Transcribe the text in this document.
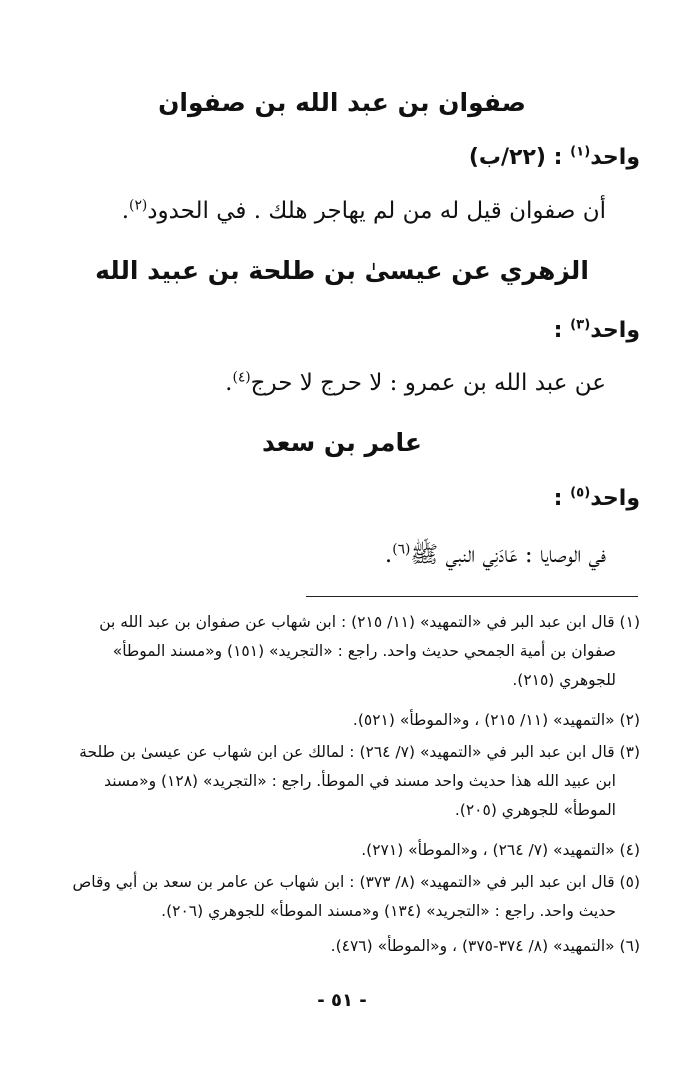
صفوان بن عبد الله بن صفوان
واحد$^{(١)}$ : (٢٢/ب)
أن صفوان قيل له من لم يهاجر هلك . في الحدود$^{(٢)}$.
الزهري عن عيسىٰ بن طلحة بن عبيد الله
واحد$^{(٣)}$ :
عن عبد الله بن عمرو : لا حرج لا حرج$^{(٤)}$.
عامر بن سعد
واحد$^{(٥)}$ :
في الوصايا : عَادَنِي النبي ﷺ$^{(٦)}$.
(١) قال ابن عبد البر في «التمهيد» (١١/ ٢١٥) : ابن شهاب عن صفوان بن عبد الله بن
صفوان بن أمية الجمحي حديث واحد. راجع : «التجريد» (١٥١) و«مسند الموطأ»
للجوهري (٢١٥).
(٢) «التمهيد» (١١/ ٢١٥) ، و«الموطأ» (٥٢١).
(٣) قال ابن عبد البر في «التمهيد» (٧/ ٢٦٤) : لمالك عن ابن شهاب عن عيسىٰ بن طلحة
ابن عبيد الله هذا حديث واحد مسند في الموطأ. راجع : «التجريد» (١٢٨) و«مسند
الموطأ» للجوهري (٢٠٥).
(٤) «التمهيد» (٧/ ٢٦٤) ، و«الموطأ» (٢٧١).
(٥) قال ابن عبد البر في «التمهيد» (٨/ ٣٧٣) : ابن شهاب عن عامر بن سعد بن أبي وقاص
حديث واحد. راجع : «التجريد» (١٣٤) و«مسند الموطأ» للجوهري (٢٠٦).
(٦) «التمهيد» (٨/ ٣٧٤-٣٧٥) ، و«الموطأ» (٤٧٦).
- ٥١ -
